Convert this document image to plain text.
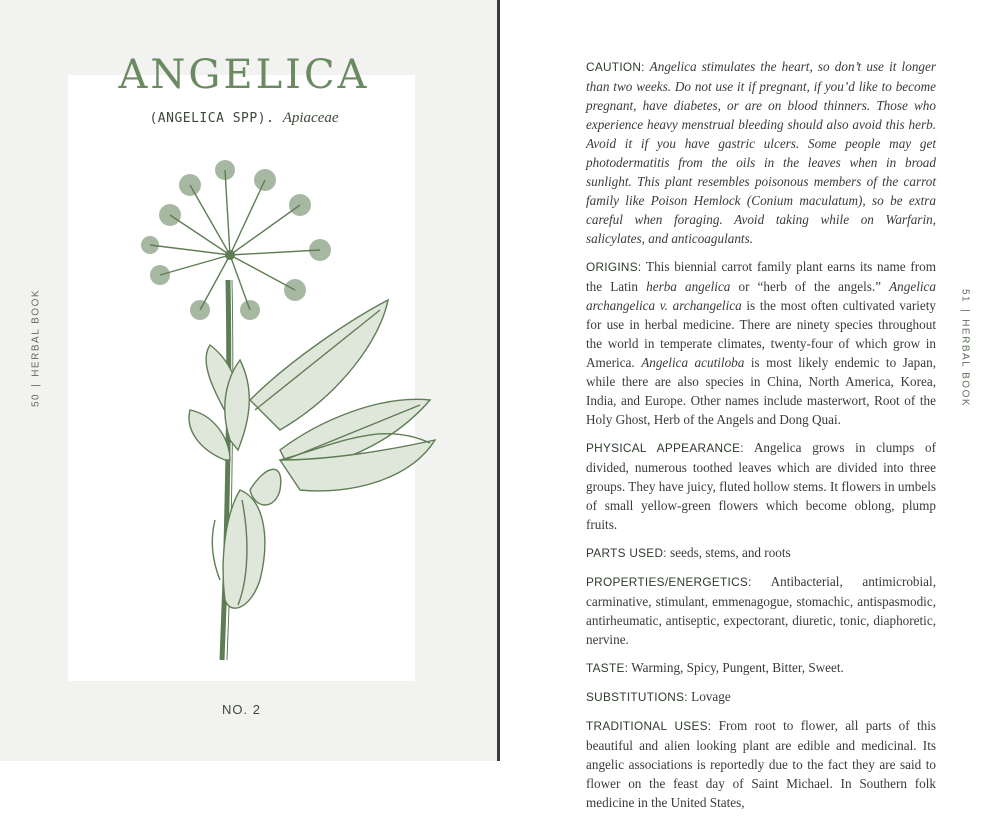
ANGELICA
(ANGELICA SPP). Apiaceae
NO. 2
50|HERBAL BOOK	51|HERBAL BOOK

CAUTION: Angelica stimulates the heart, so don’t use it longer than two weeks. Do not use it if pregnant, if you’d like to become pregnant, have diabetes, or are on blood thinners. Those who experience heavy menstrual bleeding should also avoid this herb. Avoid it if you have gastric ulcers. Some people may get photodermatitis from the oils in the leaves when in broad sunlight. This plant resembles poisonous members of the carrot family like Poison Hemlock (Conium maculatum), so be extra careful when foraging. Avoid taking while on Warfarin, salicylates, and anticoagulants.

ORIGINS: This biennial carrot family plant earns its name from the Latin herba angelica or “herb of the angels.” Angelica archangelica v. archangelica is the most often cultivated variety for use in herbal medicine. There are ninety species throughout the world in temperate climates, twenty-four of which grow in America. Angelica acutiloba is most likely endemic to Japan, while there are also species in China, North America, Korea, India, and Europe. Other names include masterwort, Root of the Holy Ghost, Herb of the Angels and Dong Quai.

PHYSICAL APPEARANCE: Angelica grows in clumps of divided, numerous toothed leaves which are divided into three groups. They have juicy, fluted hollow stems. It flowers in umbels of small yellow-green flowers which become oblong, plump fruits.

PARTS USED: seeds, stems, and roots

PROPERTIES/ENERGETICS: Antibacterial, antimicrobial, carminative, stimulant, emmenagogue, stomachic, antispasmodic, antirheumatic, antiseptic, expectorant, diuretic, tonic, diaphoretic, nervine.

TASTE: Warming, Spicy, Pungent, Bitter, Sweet.

SUBSTITUTIONS: Lovage

TRADITIONAL USES: From root to flower, all parts of this beautiful and alien looking plant are edible and medicinal. Its angelic associations is reportedly due to the fact they are said to flower on the feast day of Saint Michael. In Southern folk medicine in the United States,
